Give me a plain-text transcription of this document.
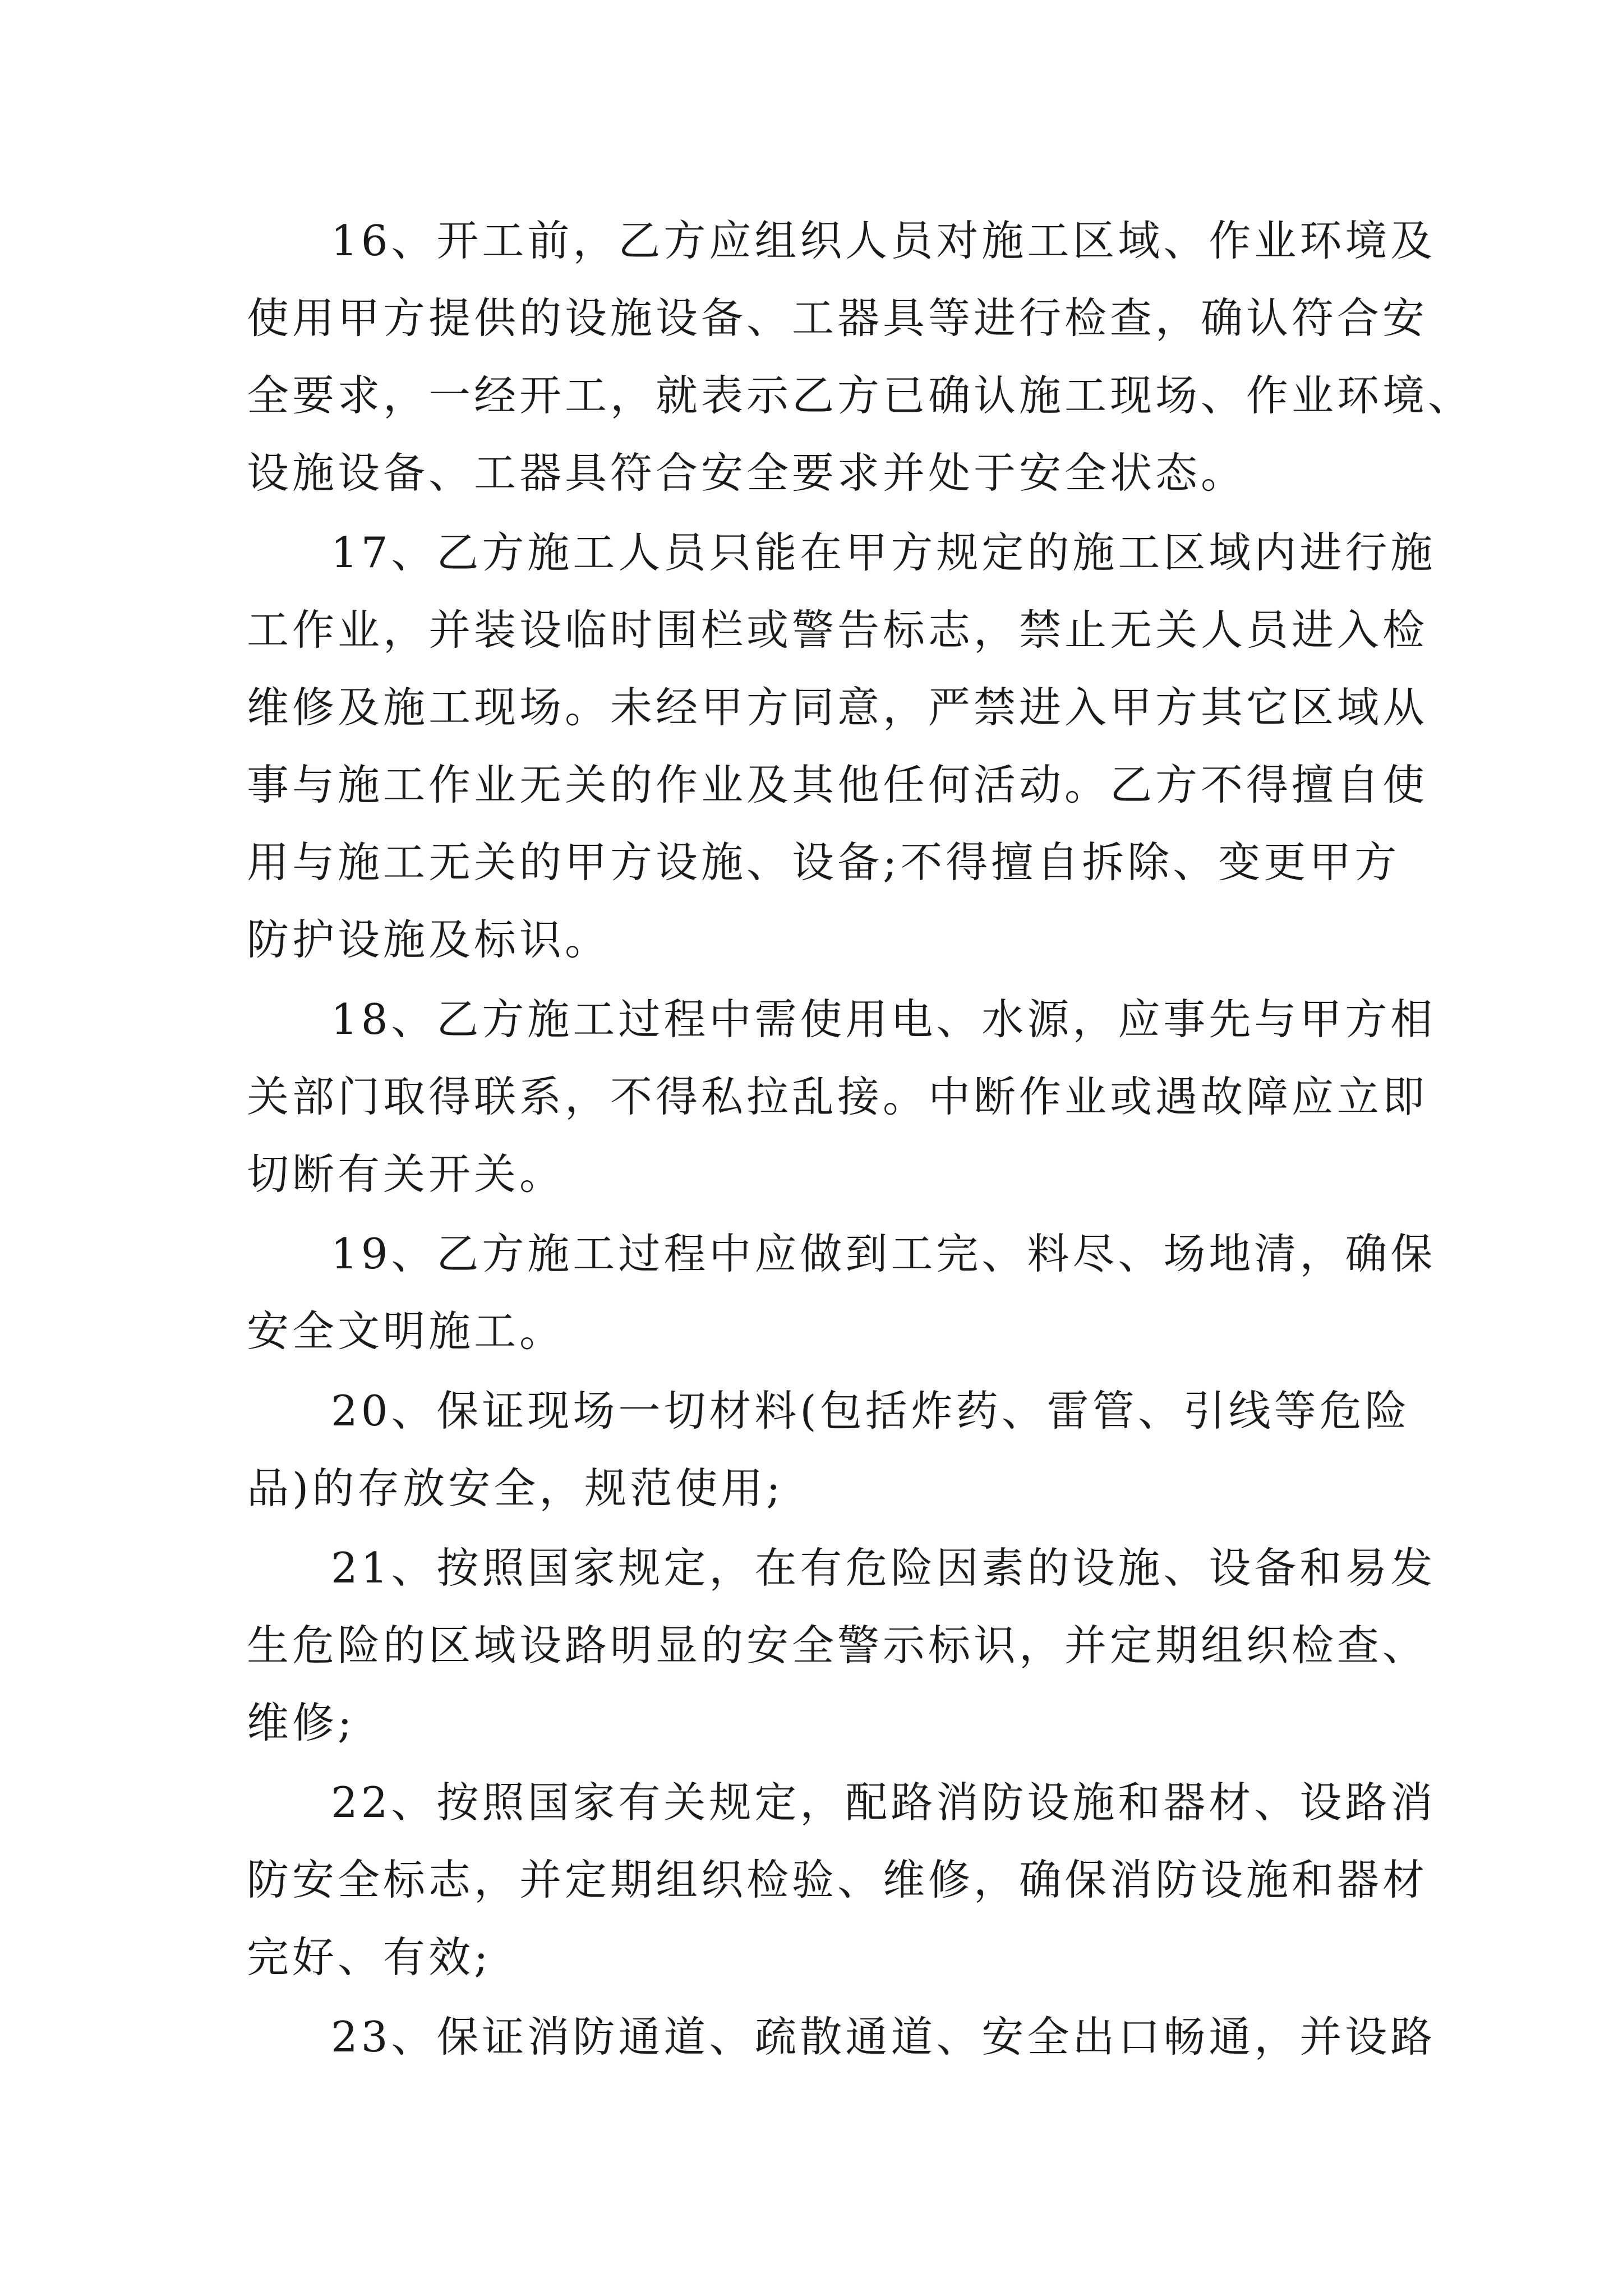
16、开工前，乙方应组织人员对施工区域、作业环境及
使用甲方提供的设施设备、工器具等进行检查，确认符合安
全要求，一经开工，就表示乙方已确认施工现场、作业环境、
设施设备、工器具符合安全要求并处于安全状态。

17、乙方施工人员只能在甲方规定的施工区域内进行施
工作业，并装设临时围栏或警告标志，禁止无关人员进入检
维修及施工现场。未经甲方同意，严禁进入甲方其它区域从
事与施工作业无关的作业及其他任何活动。乙方不得擅自使
用与施工无关的甲方设施、设备;不得擅自拆除、变更甲方
防护设施及标识。

18、乙方施工过程中需使用电、水源，应事先与甲方相
关部门取得联系，不得私拉乱接。中断作业或遇故障应立即
切断有关开关。

19、乙方施工过程中应做到工完、料尽、场地清，确保
安全文明施工。

20、保证现场一切材料(包括炸药、雷管、引线等危险
品)的存放安全，规范使用;

21、按照国家规定，在有危险因素的设施、设备和易发
生危险的区域设路明显的安全警示标识，并定期组织检查、
维修;

22、按照国家有关规定，配路消防设施和器材、设路消
防安全标志，并定期组织检验、维修，确保消防设施和器材
完好、有效;

23、保证消防通道、疏散通道、安全出口畅通，并设路
